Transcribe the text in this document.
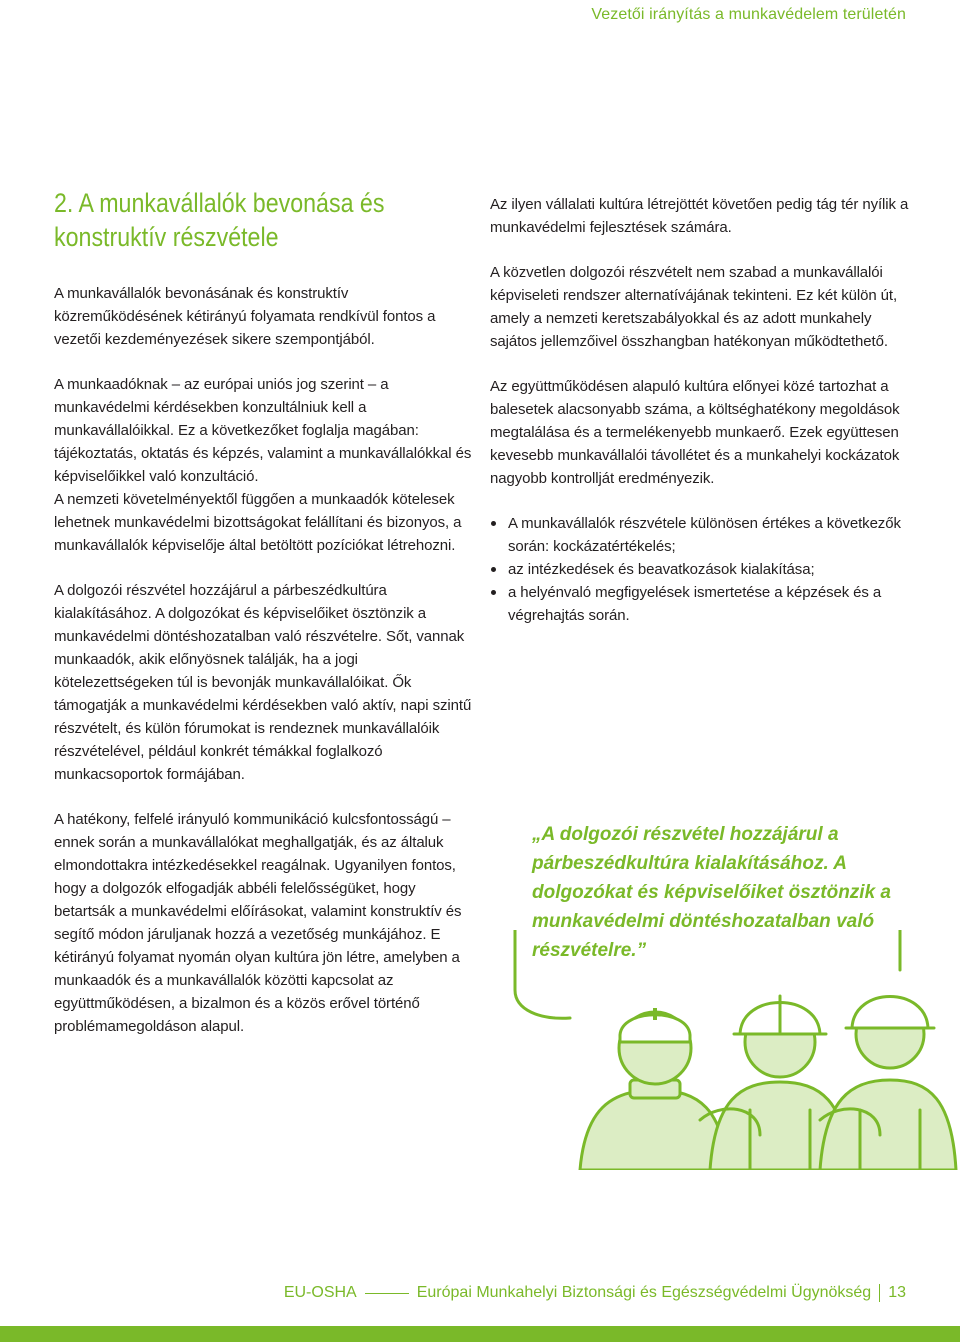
Vezetői irányítás a munkavédelem területén
2. A munkavállalók bevonása és konstruktív részvétele

A munkavállalók bevonásának és konstruktív közreműködésének kétirányú folyamata rendkívül fontos a vezetői kezdeményezések sikere szempontjából.

A munkaadóknak – az európai uniós jog szerint – a munkavédelmi kérdésekben konzultálniuk kell a munkavállalóikkal. Ez a következőket foglalja magában: tájékoztatás, oktatás és képzés, valamint a munkavállalókkal és képviselőikkel való konzultáció.

A nemzeti követelményektől függően a munkaadók kötelesek lehetnek munkavédelmi bizottságokat felállítani és bizonyos, a munkavállalók képviselője által betöltött pozíciókat létrehozni.

A dolgozói részvétel hozzájárul a párbeszédkultúra kialakításához. A dolgozókat és képviselőiket ösztönzik a munkavédelmi döntéshozatalban való részvételre. Sőt, vannak munkaadók, akik előnyösnek találják, ha a jogi kötelezettségeken túl is bevonják munkavállalóikat. Ők támogatják a munkavédelmi kérdésekben való aktív, napi szintű részvételt, és külön fórumokat is rendeznek munkavállalóik részvételével, például konkrét témákkal foglalkozó munkacsoportok formájában.

A hatékony, felfelé irányuló kommunikáció kulcsfontosságú – ennek során a munkavállalókat meghallgatják, és az általuk elmondottakra intézkedésekkel reagálnak. Ugyanilyen fontos, hogy a dolgozók elfogadják abbéli felelősségüket, hogy betartsák a munkavédelmi előírásokat, valamint konstruktív és segítő módon járuljanak hozzá a vezetőség munkájához. E kétirányú folyamat nyomán olyan kultúra jön létre, amelyben a munkaadók és a munkavállalók közötti kapcsolat az együttműködésen, a bizalmon és a közös erővel történő problémamegoldáson alapul.

Az ilyen vállalati kultúra létrejöttét követően pedig tág tér nyílik a munkavédelmi fejlesztések számára.

A közvetlen dolgozói részvételt nem szabad a munkavállalói képviseleti rendszer alternatívájának tekinteni. Ez két külön út, amely a nemzeti keretszabályokkal és az adott munkahely sajátos jellemzőivel összhangban hatékonyan működtethető.

Az együttműködésen alapuló kultúra előnyei közé tartozhat a balesetek alacsonyabb száma, a költséghatékony megoldások megtalálása és a termelékenyebb munkaerő. Ezek együttesen kevesebb munkavállalói távollétet és a munkahelyi kockázatok nagyobb kontrollját eredményezik.

A munkavállalók részvétele különösen értékes a következők során: kockázatértékelés;
az intézkedések és beavatkozások kialakítása;
a helyénvaló megfigyelések ismertetése a képzések és a végrehajtás során.
„A dolgozói részvétel hozzájárul a párbeszédkultúra kialakításához. A dolgozókat és képviselőiket ösztönzik a munkavédelmi döntéshozatalban való részvételre.”
EU-OSHA	Európai Munkahelyi Biztonsági és Egészségvédelmi Ügynökség 13
